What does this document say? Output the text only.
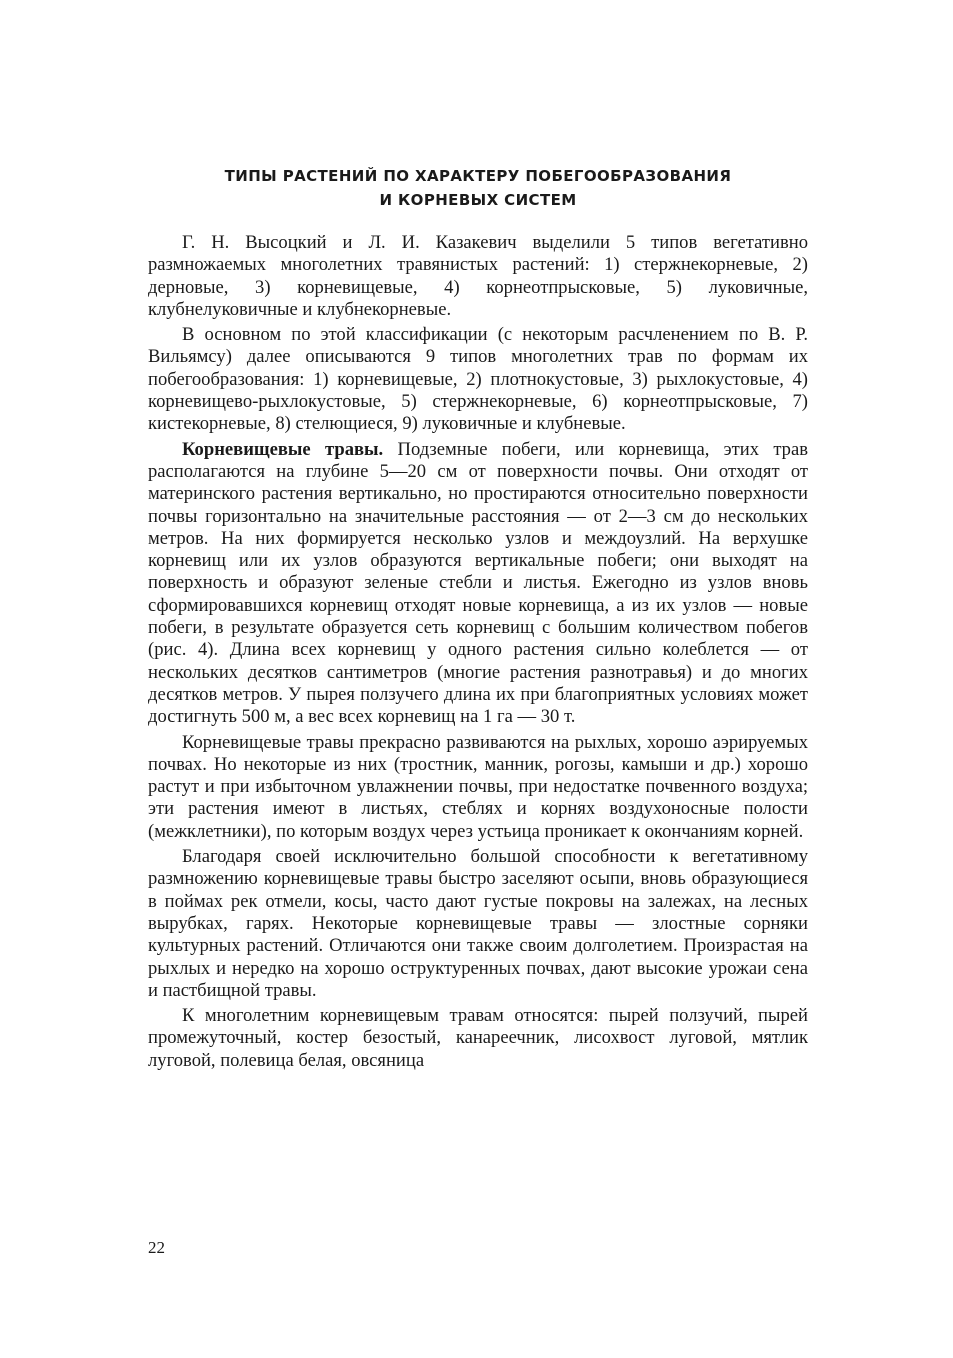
ТИПЫ РАСТЕНИЙ ПО ХАРАКТЕРУ ПОБЕГООБРАЗОВАНИЯ
И КОРНЕВЫХ СИСТЕМ

Г. Н. Высоцкий и Л. И. Казакевич выделили 5 типов вегетативно размножаемых многолетних травянистых растений: 1) стержнекорневые, 2) дерновые, 3) корневищевые, 4) корнеотпрысковые, 5) луковичные, клубнелуковичные и клубнекорневые.

В основном по этой классификации (с некоторым расчленением по В. Р. Вильямсу) далее описываются 9 типов многолетних трав по формам их побегообразования: 1) корневищевые, 2) плотнокустовые, 3) рыхлокустовые, 4) корневищево-рыхлокустовые, 5) стержнекорневые, 6) корнеотпрысковые, 7) кистекорневые, 8) стелющиеся, 9) луковичные и клубневые.

Корневищевые травы. Подземные побеги, или корневища, этих трав располагаются на глубине 5—20 см от поверхности почвы. Они отходят от материнского растения вертикально, но простираются относительно поверхности почвы горизонтально на значительные расстояния — от 2—3 см до нескольких метров. На них формируется несколько узлов и междоузлий. На верхушке корневищ или их узлов образуются вертикальные побеги; они выходят на поверхность и образуют зеленые стебли и листья. Ежегодно из узлов вновь сформировавшихся корневищ отходят новые корневища, а из их узлов — новые побеги, в результате образуется сеть корневищ с большим количеством побегов (рис. 4). Длина всех корневищ у одного растения сильно колеблется — от нескольких десятков сантиметров (многие растения разнотравья) и до многих десятков метров. У пырея ползучего длина их при благоприятных условиях может достигнуть 500 м, а вес всех корневищ на 1 га — 30 т.

Корневищевые травы прекрасно развиваются на рыхлых, хорошо аэрируемых почвах. Но некоторые из них (тростник, манник, рогозы, камыши и др.) хорошо растут и при избыточном увлажнении почвы, при недостатке почвенного воздуха; эти растения имеют в листьях, стеблях и корнях воздухоносные полости (межклетники), по которым воздух через устьица проникает к окончаниям корней.

Благодаря своей исключительно большой способности к вегетативному размножению корневищевые травы быстро заселяют осыпи, вновь образующиеся в поймах рек отмели, косы, часто дают густые покровы на залежах, на лесных вырубках, гарях. Некоторые корневищевые травы — злостные сорняки культурных растений. Отличаются они также своим долголетием. Произрастая на рыхлых и нередко на хорошо оструктуренных почвах, дают высокие урожаи сена и пастбищной травы.

К многолетним корневищевым травам относятся: пырей ползучий, пырей промежуточный, костер безостый, канареечник, лисохвост луговой, мятлик луговой, полевица белая, овсяница

22
